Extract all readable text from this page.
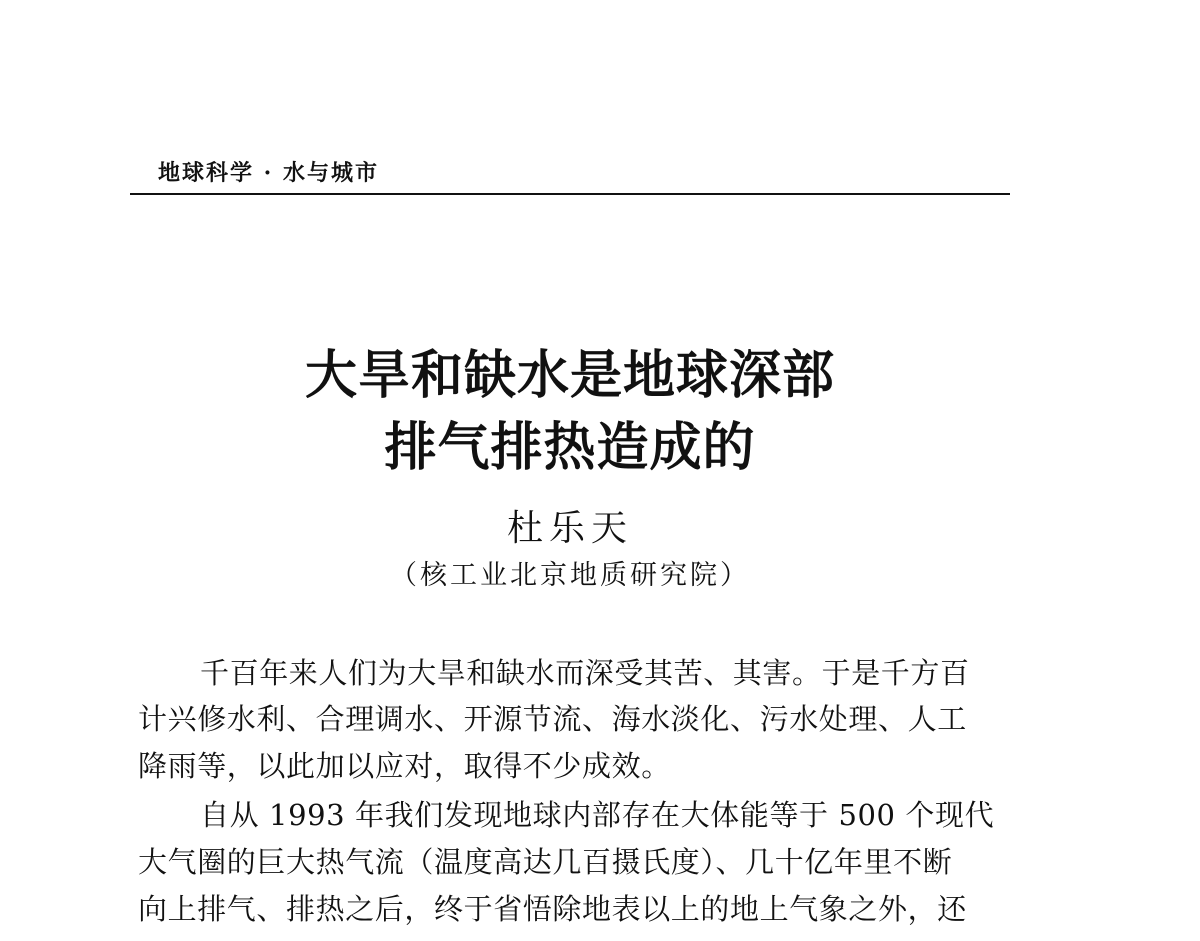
地球科学 · 水与城市
大旱和缺水是地球深部
排气排热造成的
杜乐天
（核工业北京地质研究院）
千百年来人们为大旱和缺水而深受其苦、其害。于是千方百
计兴修水利、合理调水、开源节流、海水淡化、污水处理、人工
降雨等，以此加以应对，取得不少成效。
自从 1993 年我们发现地球内部存在大体能等于 500 个现代
大气圈的巨大热气流（温度高达几百摄氏度）、几十亿年里不断
向上排气、排热之后，终于省悟除地表以上的地上气象之外，还
